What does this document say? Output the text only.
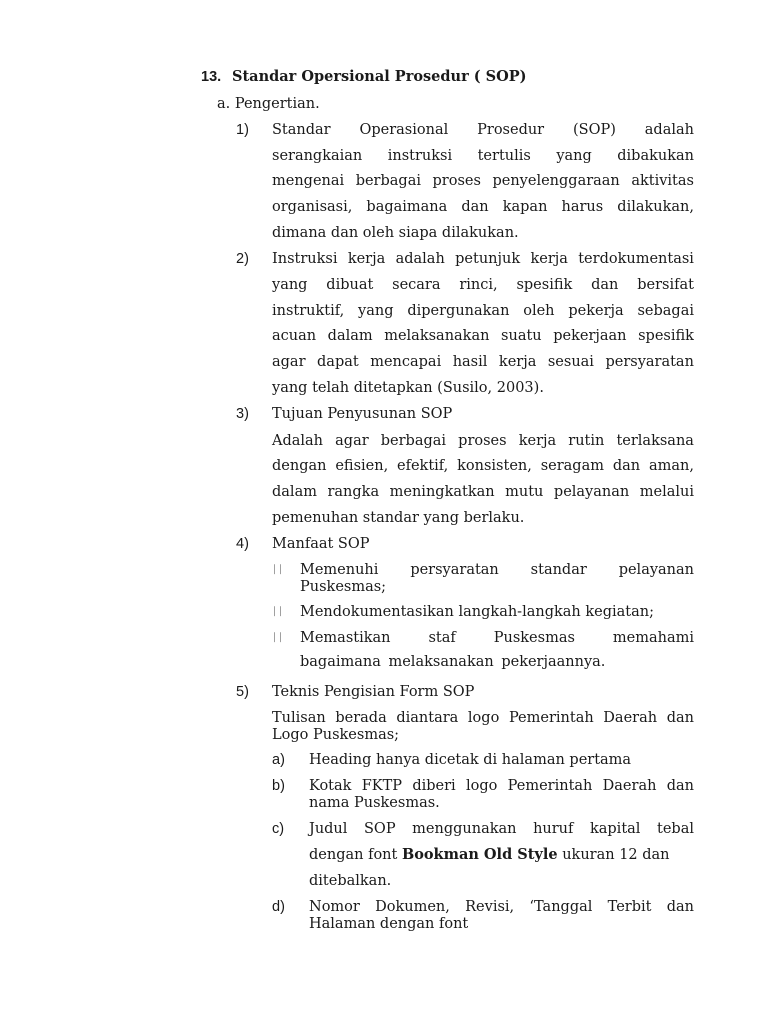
13. Standar Opersional Prosedur ( SOP)
a. Pengertian.
1) Standar Operasional Prosedur (SOP) adalah
serangkaian instruksi tertulis yang dibakukan
mengenai berbagai proses penyelenggaraan aktivitas
organisasi, bagaimana dan kapan harus dilakukan,
dimana dan oleh siapa dilakukan.
2) Instruksi kerja adalah petunjuk kerja terdokumentasi
yang dibuat secara rinci, spesifik dan bersifat
instruktif, yang dipergunakan oleh pekerja sebagai
acuan dalam melaksanakan suatu pekerjaan spesifik
agar dapat mencapai hasil kerja sesuai persyaratan
yang telah ditetapkan (Susilo, 2003).
3) Tujuan Penyusunan SOP
Adalah agar berbagai proses kerja rutin terlaksana
dengan efisien, efektif, konsisten, seragam dan aman,
dalam rangka meningkatkan mutu pelayanan melalui
pemenuhan standar yang berlaku.
4) Manfaat SOP
∣∣ Memenuhi persyaratan standar pelayanan
Puskesmas;
∣∣ Mendokumentasikan langkah-langkah kegiatan;
∣∣ Memastikan	staf	Puskesmas	memahami
bagaimana melaksanakan pekerjaannya.
5) Teknis Pengisian Form SOP
Tulisan berada diantara logo Pemerintah Daerah dan
Logo Puskesmas;
a) Heading hanya dicetak di halaman pertama
b) Kotak FKTP diberi logo Pemerintah Daerah dan
nama Puskesmas.
c) Judul SOP menggunakan huruf kapital tebal
dengan font Bookman Old Style ukuran 12 dan
ditebalkan.
d) Nomor Dokumen, Revisi, ‘Tanggal Terbit dan
Halaman dengan font
